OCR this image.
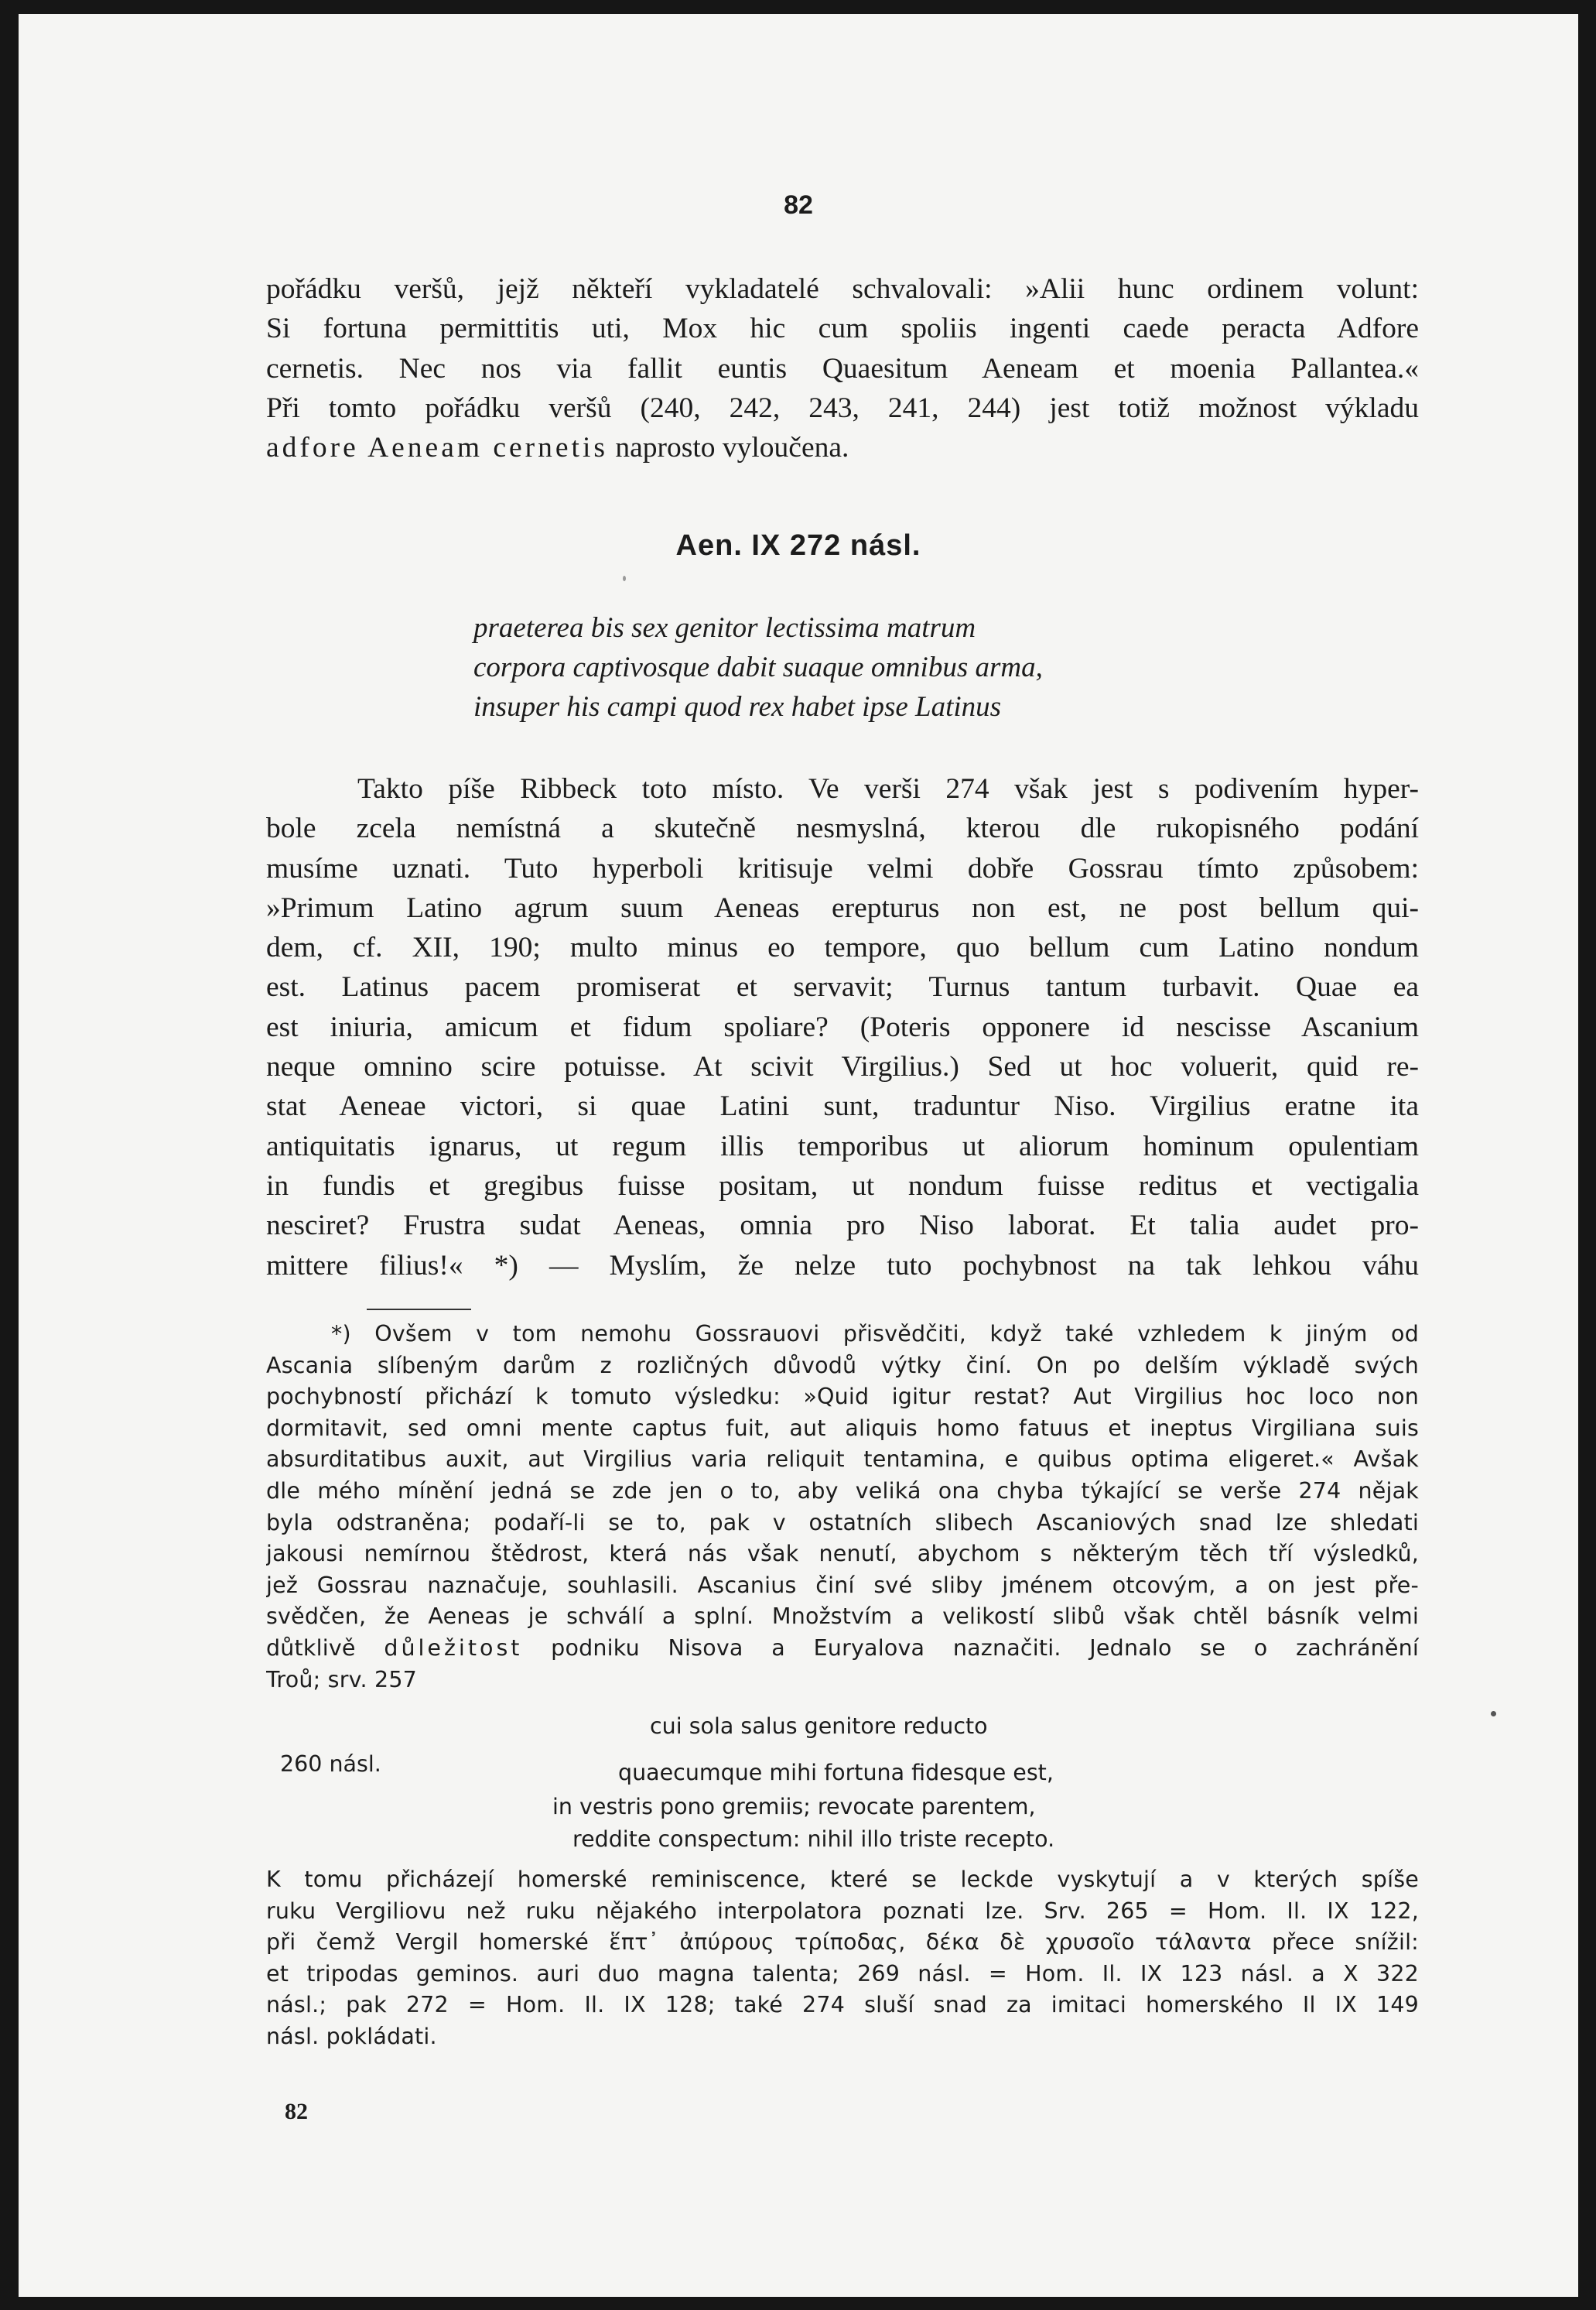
82
pořádku veršů, jejž někteří vykladatelé schvalovali: »Alii hunc ordinem volunt:
Si fortuna permittitis uti, Mox hic cum spoliis ingenti caede peracta Adfore
cernetis. Nec nos via fallit euntis Quaesitum Aeneam et moenia Pallantea.«
Při tomto pořádku veršů (240, 242, 243, 241, 244) jest totiž možnost výkladu
adfore Aeneam cernetis naprosto vyloučena.
Aen. IX 272 násl.
praeterea bis sex genitor lectissima matrum
corpora captivosque dabit suaque omnibus arma,
insuper his campi quod rex habet ipse Latinus
Takto píše Ribbeck toto místo. Ve verši 274 však jest s podivením hyper-
bole zcela nemístná a skutečně nesmyslná, kterou dle rukopisného podání
musíme uznati. Tuto hyperboli kritisuje velmi dobře Gossrau tímto způsobem:
»Primum Latino agrum suum Aeneas erepturus non est, ne post bellum qui-
dem, cf. XII, 190; multo minus eo tempore, quo bellum cum Latino nondum
est. Latinus pacem promiserat et servavit; Turnus tantum turbavit. Quae ea
est iniuria, amicum et fidum spoliare? (Poteris opponere id nescisse Ascanium
neque omnino scire potuisse. At scivit Virgilius.) Sed ut hoc voluerit, quid re-
stat Aeneae victori, si quae Latini sunt, traduntur Niso. Virgilius eratne ita
antiquitatis ignarus, ut regum illis temporibus ut aliorum hominum opulentiam
in fundis et gregibus fuisse positam, ut nondum fuisse reditus et vectigalia
nesciret? Frustra sudat Aeneas, omnia pro Niso laborat. Et talia audet pro-
mittere filius!« *) — Myslím, že nelze tuto pochybnost na tak lehkou váhu
*) Ovšem v tom nemohu Gossrauovi přisvědčiti, když také vzhledem k jiným od
Ascania slíbeným darům z rozličných důvodů výtky činí. On po delším výkladě svých
pochybností přichází k tomuto výsledku: »Quid igitur restat? Aut Virgilius hoc loco non
dormitavit, sed omni mente captus fuit, aut aliquis homo fatuus et ineptus Virgiliana suis
absurditatibus auxit, aut Virgilius varia reliquit tentamina, e quibus optima eligeret.« Avšak
dle mého mínění jedná se zde jen o to, aby veliká ona chyba týkající se verše 274 nějak
byla odstraněna; podaří-li se to, pak v ostatních slibech Ascaniových snad lze shledati
jakousi nemírnou štědrost, která nás však nenutí, abychom s některým těch tří výsledků,
jež Gossrau naznačuje, souhlasili. Ascanius činí své sliby jménem otcovým, a on jest pře-
svědčen, že Aeneas je schválí a splní. Množstvím a velikostí slibů však chtěl básník velmi
důtklivě důležitost podniku Nisova a Euryalova naznačiti. Jednalo se o zachránění
Troů; srv. 257
cui sola salus genitore reducto
260 násl.	quaecumque mihi fortuna fidesque est,
in vestris pono gremiis; revocate parentem,
reddite conspectum: nihil illo triste recepto.
K tomu přicházejí homerské reminiscence, které se leckde vyskytují a v kterých spíše
ruku Vergiliovu než ruku nějakého interpolatora poznati lze. Srv. 265 = Hom. Il. IX 122,
při čemž Vergil homerské ἕπτ᾽ ἀπύρους τρίποδας, δέκα δὲ χρυσοῖο τάλαντα přece snížil:
et tripodas geminos. auri duo magna talenta; 269 násl. = Hom. Il. IX 123 násl. a X 322
násl.; pak 272 = Hom. Il. IX 128; také 274 sluší snad za imitaci homerského Il IX 149
násl. pokládati.
82
